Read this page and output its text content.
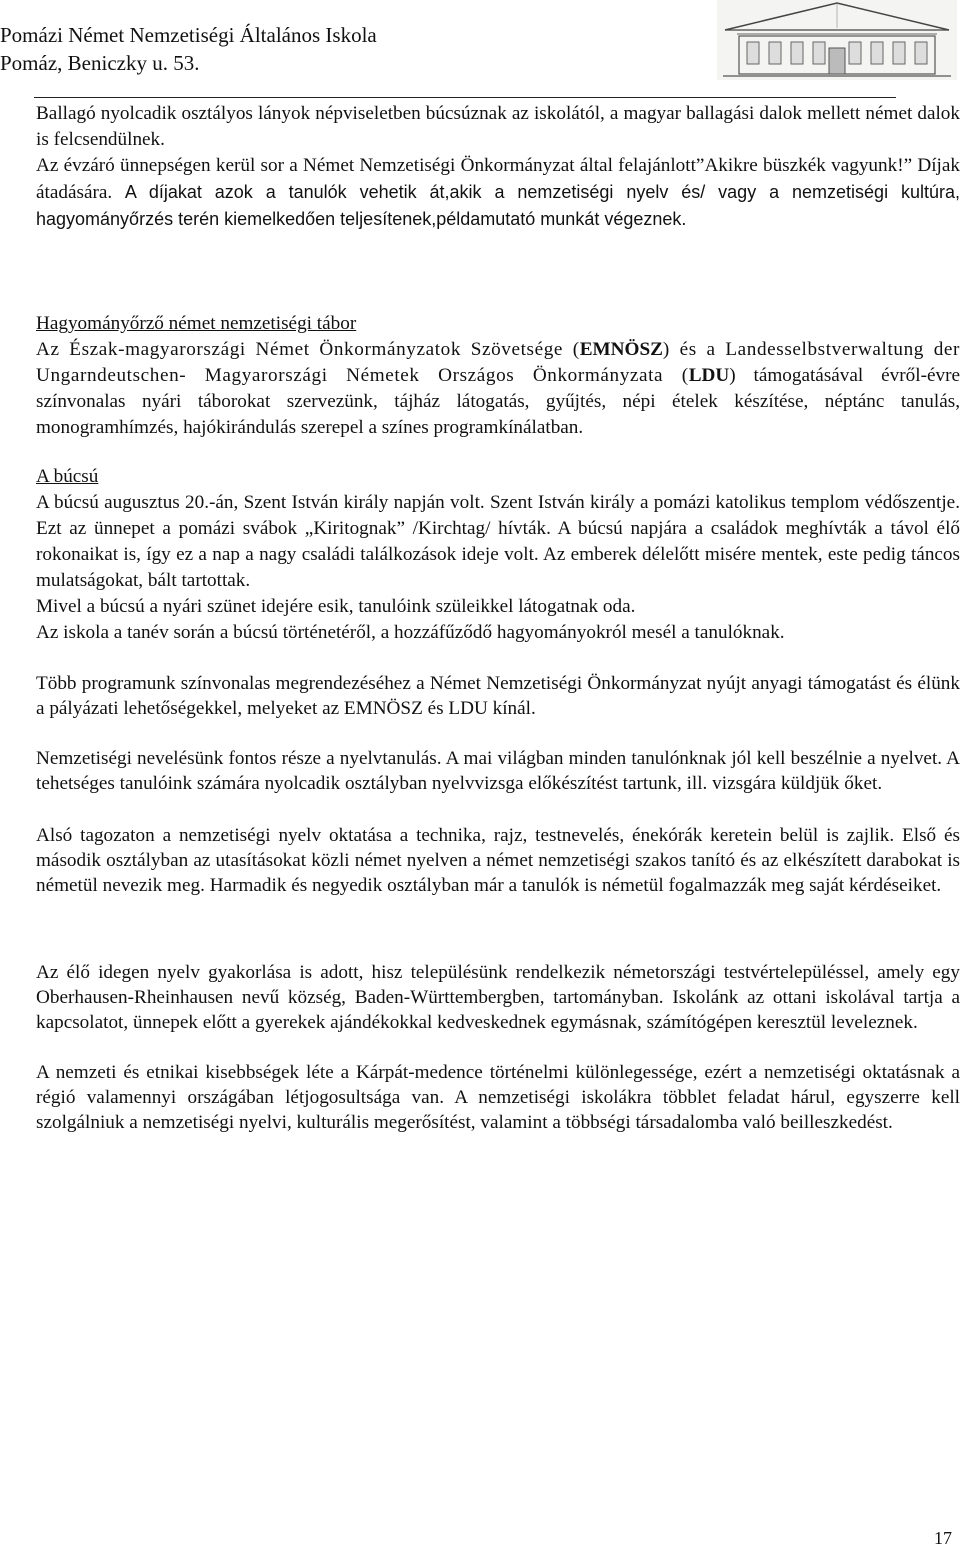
Pomázi Német Nemzetiségi Általános Iskola

Pomáz, Beniczky u. 53.

Ballagó nyolcadik osztályos lányok népviseletben búcsúznak az iskolától, a magyar ballagási dalok mellett német dalok is felcsendülnek.
Az évzáró ünnepségen kerül sor a Német Nemzetiségi Önkormányzat által felajánlott”Akikre büszkék vagyunk!” Díjak átadására. A díjakat azok a tanulók vehetik át,akik a nemzetiségi nyelv és/ vagy a nemzetiségi kultúra, hagyományőrzés terén kiemelkedően teljesítenek,példamutató munkát végeznek.

Hagyományőrző német nemzetiségi tábor
Az Észak-magyarországi Német Önkormányzatok Szövetsége (EMNÖSZ) és a Landesselbstverwaltung der Ungarndeutschen- Magyarországi Németek Országos Önkormányzata (LDU) támogatásával évről-évre színvonalas nyári táborokat szervezünk, tájház látogatás, gyűjtés, népi ételek készítése, néptánc tanulás, monogramhímzés, hajókirándulás szerepel a színes programkínálatban.

A búcsú
A búcsú augusztus 20.-án, Szent István király napján volt. Szent István király a pomázi katolikus templom védőszentje. Ezt az ünnepet a pomázi svábok „Kiritognak” /Kirchtag/ hívták. A búcsú napjára a családok meghívták a távol élő rokonaikat is, így ez a nap a nagy családi találkozások ideje volt. Az emberek délelőtt misére mentek, este pedig táncos mulatságokat, bált tartottak.
Mivel a búcsú a nyári szünet idejére esik, tanulóink szüleikkel látogatnak oda.
Az iskola a tanév során a búcsú történetéről, a hozzáfűződő hagyományokról mesél a tanulóknak.

Több programunk színvonalas megrendezéséhez a Német Nemzetiségi Önkormányzat nyújt anyagi támogatást és élünk a pályázati lehetőségekkel, melyeket az EMNÖSZ és LDU kínál.

Nemzetiségi nevelésünk fontos része a nyelvtanulás. A mai világban minden tanulónknak jól kell beszélnie a nyelvet. A tehetséges tanulóink számára nyolcadik osztályban nyelvvizsga előkészítést tartunk, ill. vizsgára küldjük őket.

Alsó tagozaton a nemzetiségi nyelv oktatása a technika, rajz, testnevelés, énekórák keretein belül is zajlik. Első és második osztályban az utasításokat közli német nyelven a német nemzetiségi szakos tanító és az elkészített darabokat is németül nevezik meg. Harmadik és negyedik osztályban már a tanulók is németül fogalmazzák meg saját kérdéseiket.

Az élő idegen nyelv gyakorlása is adott, hisz településünk rendelkezik németországi testvértelepüléssel, amely egy Oberhausen-Rheinhausen nevű község, Baden-Württembergben, tartományban. Iskolánk az ottani iskolával tartja a kapcsolatot, ünnepek előtt a gyerekek ajándékokkal kedveskednek egymásnak, számítógépen keresztül leveleznek.

A nemzeti és etnikai kisebbségek léte a Kárpát-medence történelmi különlegessége, ezért a nemzetiségi oktatásnak a régió valamennyi országában létjogosultsága van. A nemzetiségi iskolákra többlet feladat hárul, egyszerre kell szolgálniuk a nemzetiségi nyelvi, kulturális megerősítést, valamint a többségi társadalomba való beilleszkedést.

17
